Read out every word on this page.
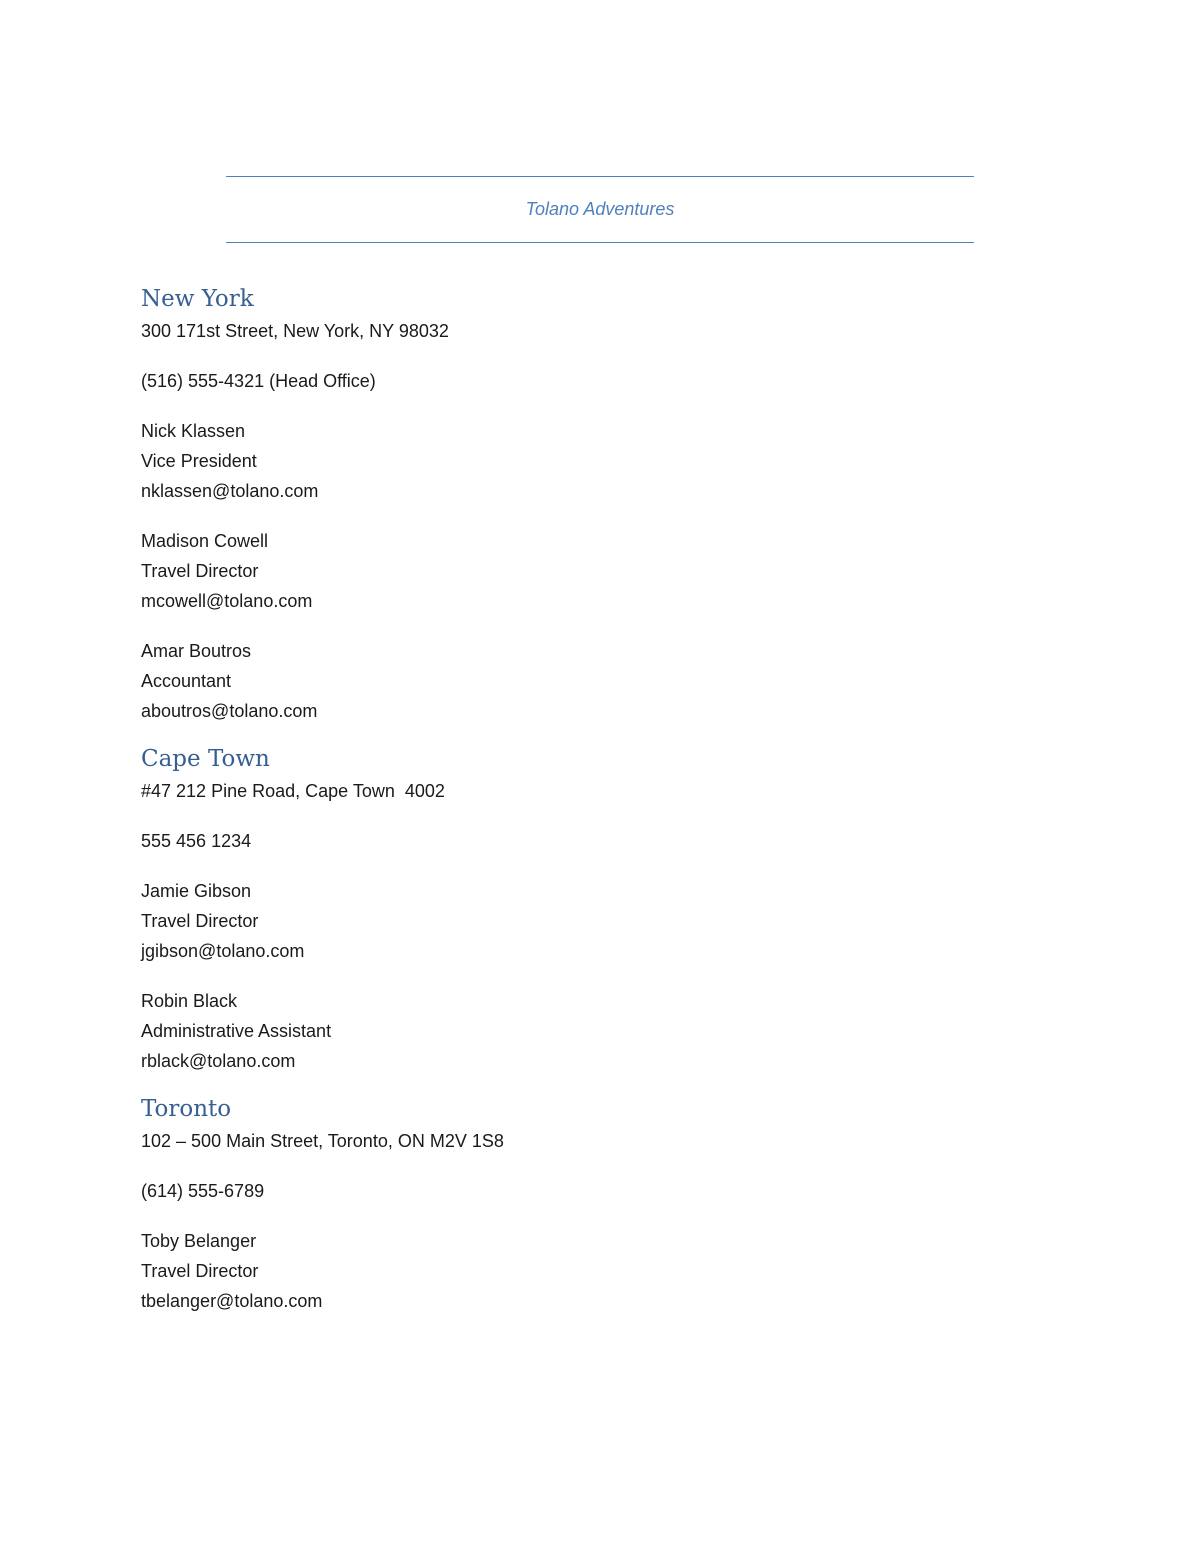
Tolano Adventures
New York

300 171st Street, New York, NY 98032

(516) 555-4321 (Head Office)

Nick Klassen

Vice President

nklassen@tolano.com

Madison Cowell

Travel Director

mcowell@tolano.com

Amar Boutros

Accountant

aboutros@tolano.com

Cape Town

#47 212 Pine Road, Cape Town  4002

555 456 1234

Jamie Gibson

Travel Director

jgibson@tolano.com

Robin Black

Administrative Assistant

rblack@tolano.com

Toronto

102 – 500 Main Street, Toronto, ON M2V 1S8

(614) 555-6789

Toby Belanger

Travel Director

tbelanger@tolano.com
